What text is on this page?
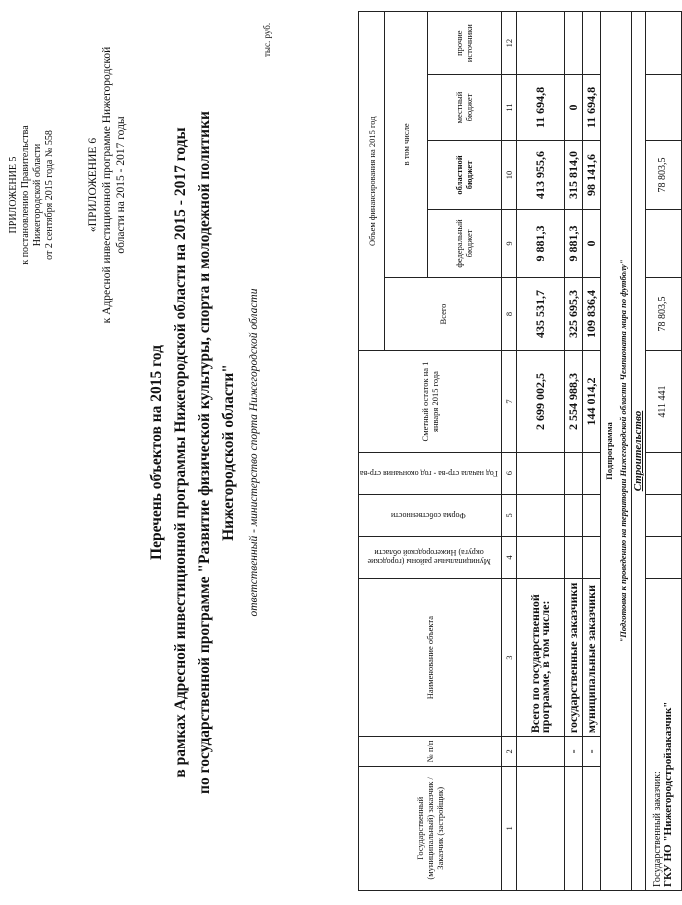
ПРИЛОЖЕНИЕ 5 к постановлению Правительства Нижегородской области от 2 сентября 2015 года № 558	«ПРИЛОЖЕНИЕ 6 к Адресной инвестиционной программе Нижегородской области на 2015 - 2017 годы
Перечень объектов на 2015 год в рамках Адресной инвестиционной программы Нижегородской области на 2015 - 2017 годы по государственной программе "Развитие физической культуры, спорта и молодежной политики Нижегородской области" ответственный - министерство спорта Нижегородской области
тыс. руб.
Государственный (муниципальный) заказчик / Заказчик (застройщик)	№ п/п	Наименование объекта	Муниципальные районы (городские округа) Нижегородской области	Форма собственности	Год начала стр-ва - год окончания стр-ва	Сметный остаток на 1 января 2015 года	Объем финансирования на 2015 год				
							Всего	в том числе			
								федеральный бюджет	областной бюджет	местный бюджет	прочие источники
1	2	3	4	5	6	7	8	9	10	11	12
		Всего по государственной программе, в том числе:				2 699 002,5	435 531,7	9 881,3	413 955,6	11 694,8	
	-	государственные заказчики				2 554 988,3	325 695,3	9 881,3	315 814,0	0	
	-	муниципальные заказчики				144 014,2	109 836,4	0	98 141,6	11 694,8	

Подпрограмма "Подготовка к проведению на территории Нижегородской области Чемпионата мира по футболу"											

Строительство											

Государственный заказчик: ГКУ НО "Нижегородстройзаказчик"						411 441	78 803,5		78 803,5		
